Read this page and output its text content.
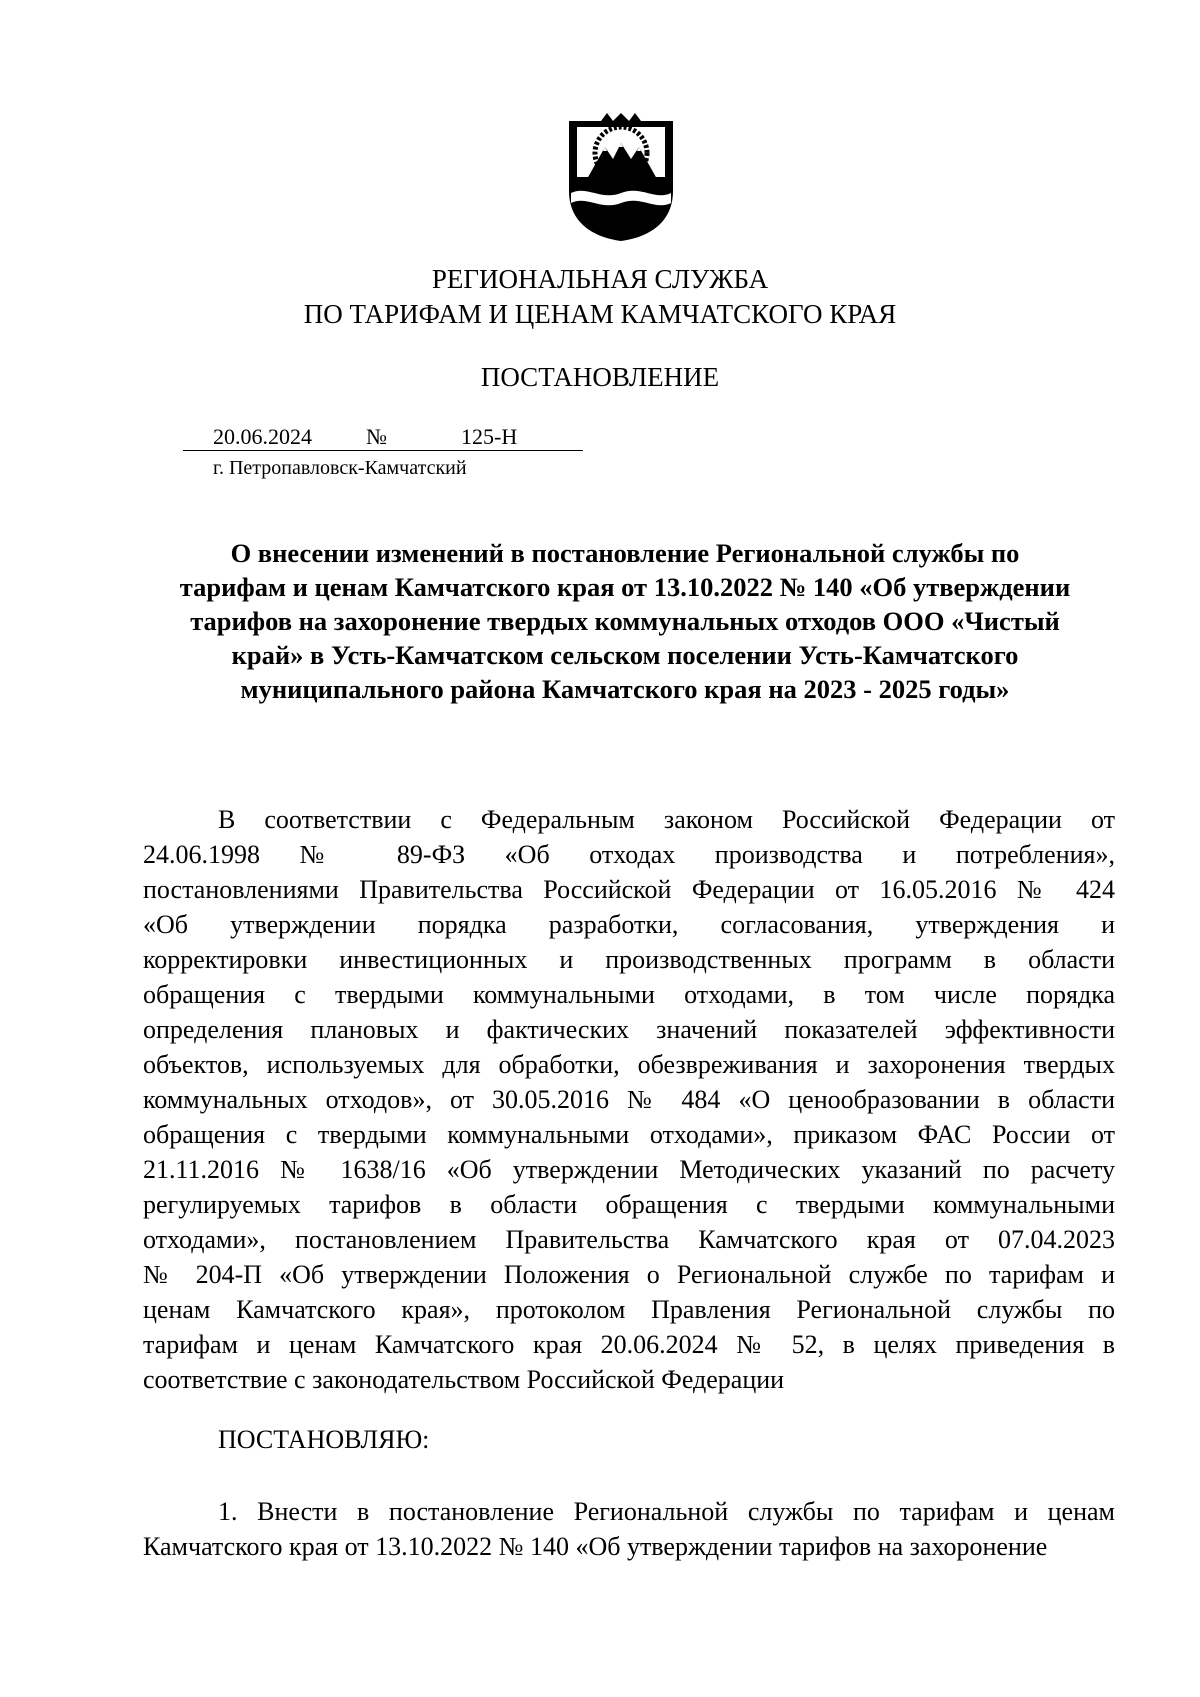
РЕГИОНАЛЬНАЯ СЛУЖБА
ПО ТАРИФАМ И ЦЕНАМ КАМЧАТСКОГО КРАЯ
ПОСТАНОВЛЕНИЕ
20.06.2024 №	125-Н
г. Петропавловск-Камчатский
О внесении изменений в постановление Региональной службы по
тарифам и ценам Камчатского края от 13.10.2022 № 140 «Об утверждении
тарифов на захоронение твердых коммунальных отходов ООО «Чистый
край» в Усть-Камчатском сельском поселении Усть-Камчатского
муниципального района Камчатского края на 2023 - 2025 годы»
В соответствии с Федеральным законом Российской Федерации от
24.06.1998 № 89-ФЗ «Об отходах производства и потребления»,
постановлениями Правительства Российской Федерации от 16.05.2016 № 424
«Об утверждении порядка разработки, согласования, утверждения и
корректировки инвестиционных и производственных программ в области
обращения с твердыми коммунальными отходами, в том числе порядка
определения плановых и фактических значений показателей эффективности
объектов, используемых для обработки, обезвреживания и захоронения твердых
коммунальных отходов», от 30.05.2016 № 484 «О ценообразовании в области
обращения с твердыми коммунальными отходами», приказом ФАС России от
21.11.2016 № 1638/16 «Об утверждении Методических указаний по расчету
регулируемых тарифов в области обращения с твердыми коммунальными
отходами», постановлением Правительства Камчатского края от 07.04.2023
№ 204-П «Об утверждении Положения о Региональной службе по тарифам и
ценам Камчатского края», протоколом Правления Региональной службы по
тарифам и ценам Камчатского края 20.06.2024 № 52, в целях приведения в
соответствие с законодательством Российской Федерации
ПОСТАНОВЛЯЮ:
1. Внести в постановление Региональной службы по тарифам и ценам
Камчатского края от 13.10.2022 № 140 «Об утверждении тарифов на захоронение
